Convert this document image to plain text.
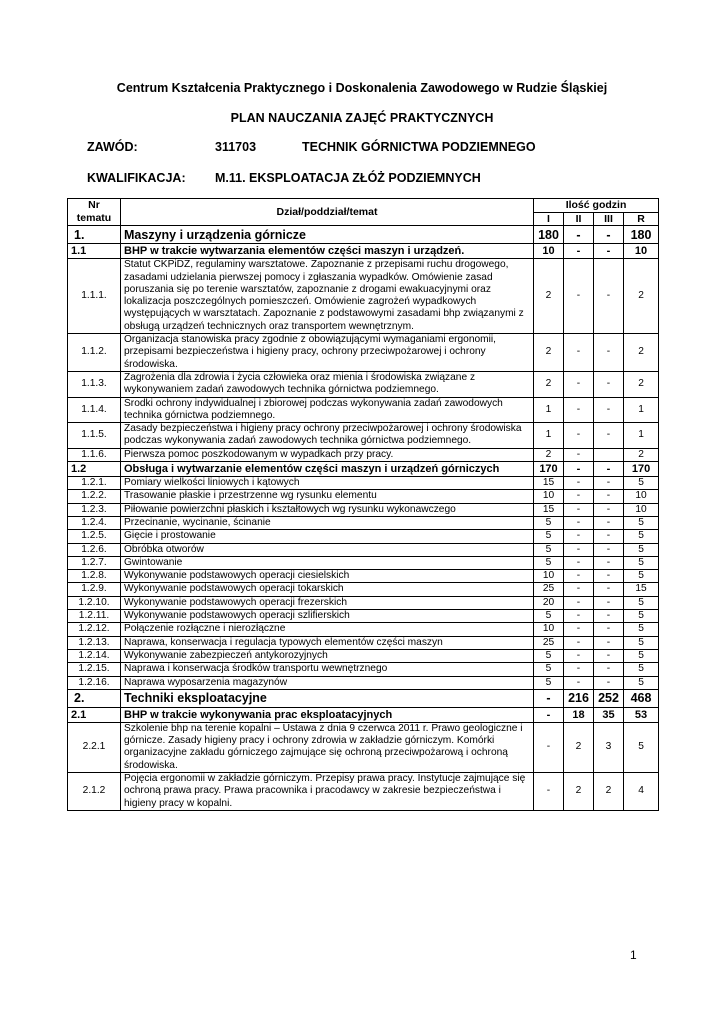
Centrum Kształcenia Praktycznego i Doskonalenia Zawodowego w Rudzie Śląskiej
PLAN NAUCZANIA ZAJĘĆ PRAKTYCZNYCH
ZAWÓD:	311703	TECHNIK GÓRNICTWA PODZIEMNEGO
KWALIFIKACJA: M.11. EKSPLOATACJA ZŁÓŻ PODZIEMNYCH
Nr tematu	Dział/poddział/temat	Ilość godzin			
		I	II	III	R
1.	Maszyny i urządzenia górnicze	180	-	-	180
1.1	BHP w trakcie wytwarzania elementów części maszyn i urządzeń.	10	-	-	10
1.1.1.	Statut CKPiDZ, regulaminy warsztatowe. Zapoznanie z przepisami ruchu drogowego, zasadami udzielania pierwszej pomocy i zgłaszania wypadków. Omówienie zasad poruszania się po terenie warsztatów, zapoznanie z drogami ewakuacyjnymi oraz lokalizacja poszczególnych pomieszczeń. Omówienie zagrożeń wypadkowych występujących w warsztatach. Zapoznanie z podstawowymi zasadami bhp związanymi z obsługą urządzeń technicznych oraz transportem wewnętrznym.	2	-	-	2
1.1.2.	Organizacja stanowiska pracy zgodnie z obowiązującymi wymaganiami ergonomii, przepisami bezpieczeństwa i higieny pracy, ochrony przeciwpożarowej i ochrony środowiska.	2	-	-	2
1.1.3.	Zagrożenia dla zdrowia i życia człowieka oraz mienia i środowiska związane z wykonywaniem zadań zawodowych technika górnictwa podziemnego.	2	-	-	2
1.1.4.	Środki ochrony indywidualnej i zbiorowej podczas wykonywania zadań zawodowych technika górnictwa podziemnego.	1	-	-	1
1.1.5.	Zasady bezpieczeństwa i higieny pracy ochrony przeciwpożarowej i ochrony środowiska podczas wykonywania zadań zawodowych technika górnictwa podziemnego.	1	-	-	1
1.1.6.	Pierwsza pomoc poszkodowanym w wypadkach przy pracy.	2	-		2
1.2	Obsługa i wytwarzanie elementów części maszyn i urządzeń górniczych	170	-	-	170
1.2.1.	Pomiary wielkości liniowych i kątowych	15	-	-	5
1.2.2.	Trasowanie płaskie i przestrzenne wg rysunku elementu	10	-	-	10
1.2.3.	Piłowanie powierzchni płaskich i kształtowych wg rysunku wykonawczego	15	-	-	10
1.2.4.	Przecinanie, wycinanie, ścinanie	5	-	-	5
1.2.5.	Gięcie i prostowanie	5	-	-	5
1.2.6.	Obróbka otworów	5	-	-	5
1.2.7.	Gwintowanie	5	-	-	5
1.2.8.	Wykonywanie podstawowych operacji ciesielskich	10	-	-	5
1.2.9.	Wykonywanie podstawowych operacji tokarskich	25	-	-	15
1.2.10.	Wykonywanie podstawowych operacji frezerskich	20	-	-	5
1.2.11.	Wykonywanie podstawowych operacji szlifierskich	5	-	-	5
1.2.12.	Połączenie rozłączne i nierozłączne	10	-	-	5
1.2.13.	Naprawa, konserwacja i regulacja typowych elementów części maszyn	25	-	-	5
1.2.14.	Wykonywanie zabezpieczeń antykorozyjnych	5	-	-	5
1.2.15.	Naprawa i konserwacja środków transportu wewnętrznego	5	-	-	5
1.2.16.	Naprawa wyposarzenia magazynów	5	-	-	5
2.	Techniki eksploatacyjne	-	216	252	468
2.1	BHP w trakcie wykonywania prac eksploatacyjnych	-	18	35	53
2.2.1	Szkolenie bhp na terenie kopalni – Ustawa z dnia 9 czerwca 2011 r. Prawo geologiczne i górnicze. Zasady higieny pracy i ochrony zdrowia w zakładzie górniczym. Komórki organizacyjne zakładu górniczego zajmujące się ochroną przeciwpożarową i ochroną środowiska.	-	2	3	5
2.1.2	Pojęcia ergonomii w zakładzie górniczym. Przepisy prawa pracy. Instytucje zajmujące się ochroną prawa pracy. Prawa pracownika i pracodawcy w zakresie bezpieczeństwa i higieny pracy w kopalni.	-	2	2	4
1
